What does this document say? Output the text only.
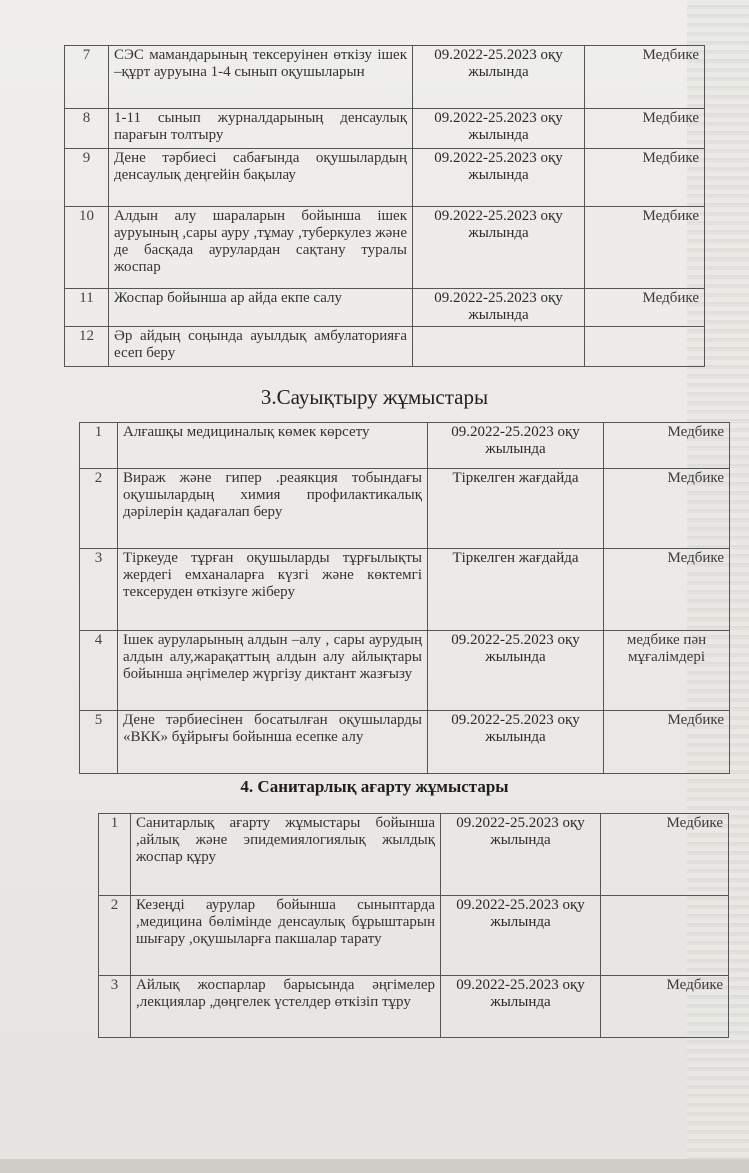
7	СЭС мамандарының тексеруінен өткізу ішек –құрт ауруына 1-4 сынып оқушыларын	09.2022-25.2023 оқу жылында	Медбике
8	1-11 сынып журналдарының денсаулық парағын толтыру	09.2022-25.2023 оқу жылында	Медбике
9	Дене тәрбиесі сабағында оқушылардың денсаулық деңгейін бақылау	09.2022-25.2023 оқу жылында	Медбике
10	Алдын алу шараларын бойынша ішек ауруының ,сары ауру ,тұмау ,туберкулез және де басқада аурулардан сақтану туралы жоспар	09.2022-25.2023 оқу жылында	Медбике
11	Жоспар бойынша ар айда екпе салу	09.2022-25.2023 оқу жылында	Медбике
12	Әр айдың соңында ауылдық амбулаторияға есеп беру		
3.Сауықтыру жұмыстары
1	Алғашқы медициналық көмек көрсету	09.2022-25.2023 оқу жылында	Медбике
2	Вираж және гипер .реаякция тобындағы оқушылардың химия профилактикалық дәрілерін қадағалап беру	Тіркелген жағдайда	Медбике
3	Тіркеуде тұрған оқушыларды тұрғылықты жердегі емханаларға күзгі және көктемгі тексеруден өткізуге жіберу	Тіркелген жағдайда	Медбике
4	Ішек ауруларының алдын –алу , сары аурудың алдын алу,жарақаттың алдын алу айлықтары бойынша әңгімелер жүргізу диктант жазғызу	09.2022-25.2023 оқу жылында	медбике пән мұғалімдері
5	Дене тәрбиесінен босатылған оқушыларды «ВКК» бұйрығы бойынша есепке алу	09.2022-25.2023 оқу жылында	Медбике
4. Санитарлық ағарту жұмыстары
1	Санитарлық ағарту жұмыстары бойынша ,айлық және эпидемиялогиялық жылдық жоспар құру	09.2022-25.2023 оқу жылында	Медбике
2	Кезеңді аурулар бойынша сыныптарда ,медицина бөлімінде денсаулық бұрыштарын шығару ,оқушыларға пакшалар тарату	09.2022-25.2023 оқу жылында	
3	Айлық жоспарлар барысында әңгімелер ,лекциялар ,дөңгелек үстелдер өткізіп тұру	09.2022-25.2023 оқу жылында	Медбике
